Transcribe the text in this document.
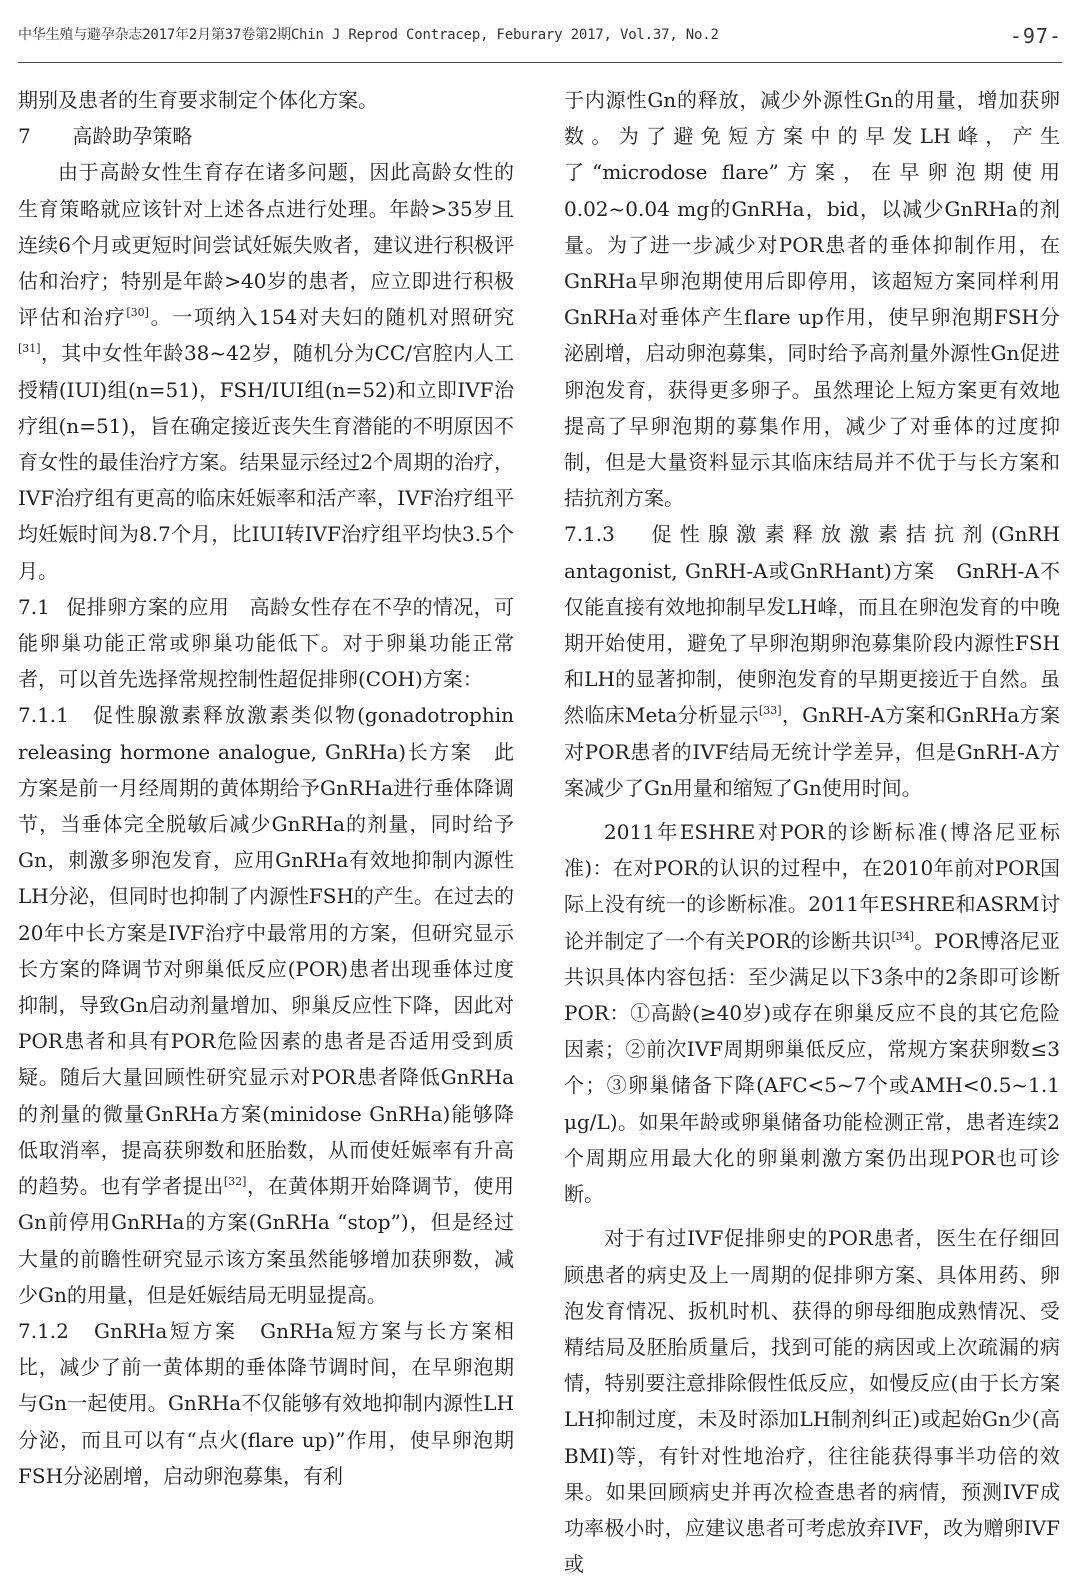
中华生殖与避孕杂志2017年2月第37卷第2期Chin J Reprod Contracep, Feburary 2017, Vol.37, No.2	-97-

期别及患者的生育要求制定个体化方案。

7 高龄助孕策略

由于高龄女性生育存在诸多问题，因此高龄女性的生育策略就应该针对上述各点进行处理。年龄>35岁且连续6个月或更短时间尝试妊娠失败者，建议进行积极评估和治疗；特别是年龄>40岁的患者，应立即进行积极评估和治疗[30]。一项纳入154对夫妇的随机对照研究[31]，其中女性年龄38~42岁，随机分为CC/宫腔内人工授精(IUI)组(n=51)，FSH/IUI组(n=52)和立即IVF治疗组(n=51)，旨在确定接近丧失生育潜能的不明原因不育女性的最佳治疗方案。结果显示经过2个周期的治疗，IVF治疗组有更高的临床妊娠率和活产率，IVF治疗组平均妊娠时间为8.7个月，比IUI转IVF治疗组平均快3.5个月。

7.1 促排卵方案的应用　 高龄女性存在不孕的情况，可能卵巢功能正常或卵巢功能低下。对于卵巢功能正常者，可以首先选择常规控制性超促排卵(COH)方案：

7.1.1　 促性腺激素释放激素类似物(gonadotrophin releasing hormone analogue, GnRHa)长方案　 此方案是前一月经周期的黄体期给予GnRHa进行垂体降调节，当垂体完全脱敏后减少GnRHa的剂量，同时给予Gn，刺激多卵泡发育，应用GnRHa有效地抑制内源性LH分泌，但同时也抑制了内源性FSH的产生。在过去的20年中长方案是IVF治疗中最常用的方案，但研究显示长方案的降调节对卵巢低反应(POR)患者出现垂体过度抑制，导致Gn启动剂量增加、卵巢反应性下降，因此对POR患者和具有POR危险因素的患者是否适用受到质疑。随后大量回顾性研究显示对POR患者降低GnRHa的剂量的微量GnRHa方案(minidose GnRHa)能够降低取消率，提高获卵数和胚胎数，从而使妊娠率有升高的趋势。也有学者提出[32]，在黄体期开始降调节，使用Gn前停用GnRHa的方案(GnRHa “stop”)，但是经过大量的前瞻性研究显示该方案虽然能够增加获卵数，减少Gn的用量，但是妊娠结局无明显提高。

7.1.2　 GnRHa短方案　 GnRHa短方案与长方案相比，减少了前一黄体期的垂体降节调时间，在早卵泡期与Gn一起使用。GnRHa不仅能够有效地抑制内源性LH分泌，而且可以有“点火(flare up)”作用，使早卵泡期FSH分泌剧增，启动卵泡募集，有利

于内源性Gn的释放，减少外源性Gn的用量，增加获卵数。为了避免短方案中的早发LH峰，产生了“microdose flare”方案，在早卵泡期使用0.02~0.04 mg的GnRHa，bid，以减少GnRHa的剂量。为了进一步减少对POR患者的垂体抑制作用，在GnRHa早卵泡期使用后即停用，该超短方案同样利用GnRHa对垂体产生flare up作用，使早卵泡期FSH分泌剧增，启动卵泡募集，同时给予高剂量外源性Gn促进卵泡发育，获得更多卵子。虽然理论上短方案更有效地提高了早卵泡期的募集作用，减少了对垂体的过度抑制，但是大量资料显示其临床结局并不优于与长方案和拮抗剂方案。

7.1.3　 促性腺激素释放激素拮抗剂(GnRH antagonist, GnRH-A或GnRHant)方案　 GnRH-A不仅能直接有效地抑制早发LH峰，而且在卵泡发育的中晚期开始使用，避免了早卵泡期卵泡募集阶段内源性FSH和LH的显著抑制，使卵泡发育的早期更接近于自然。虽然临床Meta分析显示[33]，GnRH-A方案和GnRHa方案对POR患者的IVF结局无统计学差异，但是GnRH-A方案减少了Gn用量和缩短了Gn使用时间。

2011年ESHRE对POR的诊断标准(博洛尼亚标准)：在对POR的认识的过程中，在2010年前对POR国际上没有统一的诊断标准。2011年ESHRE和ASRM讨论并制定了一个有关POR的诊断共识[34]。POR博洛尼亚共识具体内容包括：至少满足以下3条中的2条即可诊断POR：①高龄(≥40岁)或存在卵巢反应不良的其它危险因素；②前次IVF周期卵巢低反应，常规方案获卵数≤3个；③卵巢储备下降(AFC<5~7个或AMH<0.5~1.1 μg/L)。如果年龄或卵巢储备功能检测正常，患者连续2个周期应用最大化的卵巢刺激方案仍出现POR也可诊断。

对于有过IVF促排卵史的POR患者，医生在仔细回顾患者的病史及上一周期的促排卵方案、具体用药、卵泡发育情况、扳机时机、获得的卵母细胞成熟情况、受精结局及胚胎质量后，找到可能的病因或上次疏漏的病情，特别要注意排除假性低反应，如慢反应(由于长方案LH抑制过度，未及时添加LH制剂纠正)或起始Gn少(高BMI)等，有针对性地治疗，往往能获得事半功倍的效果。如果回顾病史并再次检查患者的病情，预测IVF成功率极小时，应建议患者可考虑放弃IVF，改为赠卵IVF或
